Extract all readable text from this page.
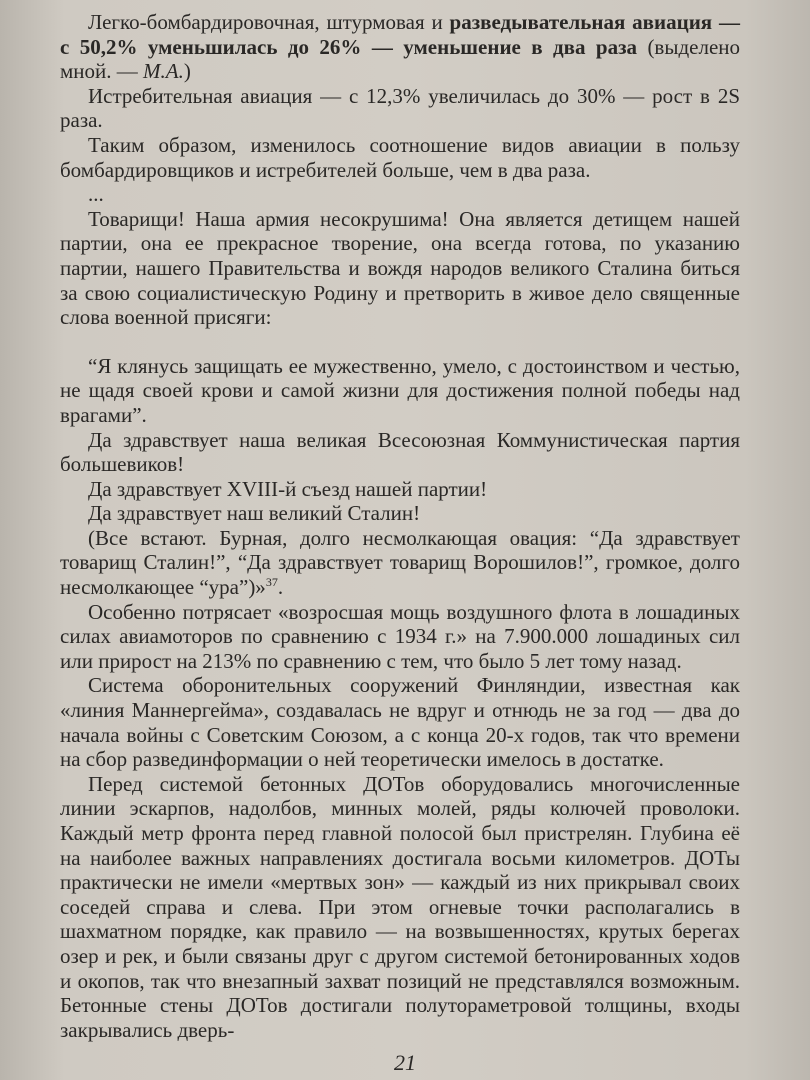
Легко-бомбардировочная, штурмовая и разведывательная авиация — с 50,2% уменьшилась до 26% — уменьшение в два раза (выделено мной. — М.А.)

Истребительная авиация — с 12,3% увеличилась до 30% — рост в 2S раза.

Таким образом, изменилось соотношение видов авиации в пользу бомбардировщиков и истребителей больше, чем в два раза.

...

Товарищи! Наша армия несокрушима! Она является детищем нашей партии, она ее прекрасное творение, она всегда готова, по указанию партии, нашего Правительства и вождя народов великого Сталина биться за свою социалистическую Родину и претворить в живое дело священные слова военной присяги:

“Я клянусь защищать ее мужественно, умело, с достоинством и честью, не щадя своей крови и самой жизни для достижения полной победы над врагами”.

Да здравствует наша великая Всесоюзная Коммунистическая партия большевиков!

Да здравствует XVIII-й съезд нашей партии!

Да здравствует наш великий Сталин!

(Все встают. Бурная, долго несмолкающая овация: “Да здравствует товарищ Сталин!”, “Да здравствует товарищ Ворошилов!”, громкое, долго несмолкающее “ура”)»$^{37}$.

Особенно потрясает «возросшая мощь воздушного флота в лошадиных силах авиамоторов по сравнению с 1934 г.» на 7.900.000 лошадиных сил или прирост на 213% по сравнению с тем, что было 5 лет тому назад.

Система оборонительных сооружений Финляндии, известная как «линия Маннергейма», создавалась не вдруг и отнюдь не за год — два до начала войны с Советским Союзом, а с конца 20-х годов, так что времени на сбор развединформации о ней теоретически имелось в достатке.

Перед системой бетонных ДОТов оборудовались многочисленные линии эскарпов, надолбов, минных молей, ряды колючей проволоки. Каждый метр фронта перед главной полосой был пристрелян. Глубина её на наиболее важных направлениях достигала восьми километров. ДОТы практически не имели «мертвых зон» — каждый из них прикрывал своих соседей справа и слева. При этом огневые точки располагались в шахматном порядке, как правило — на возвышенностях, крутых берегах озер и рек, и были связаны друг с другом системой бетонированных ходов и окопов, так что внезапный захват позиций не представлялся возможным. Бетонные стены ДОТов достигали полутораметровой толщины, входы закрывались дверь-

21
